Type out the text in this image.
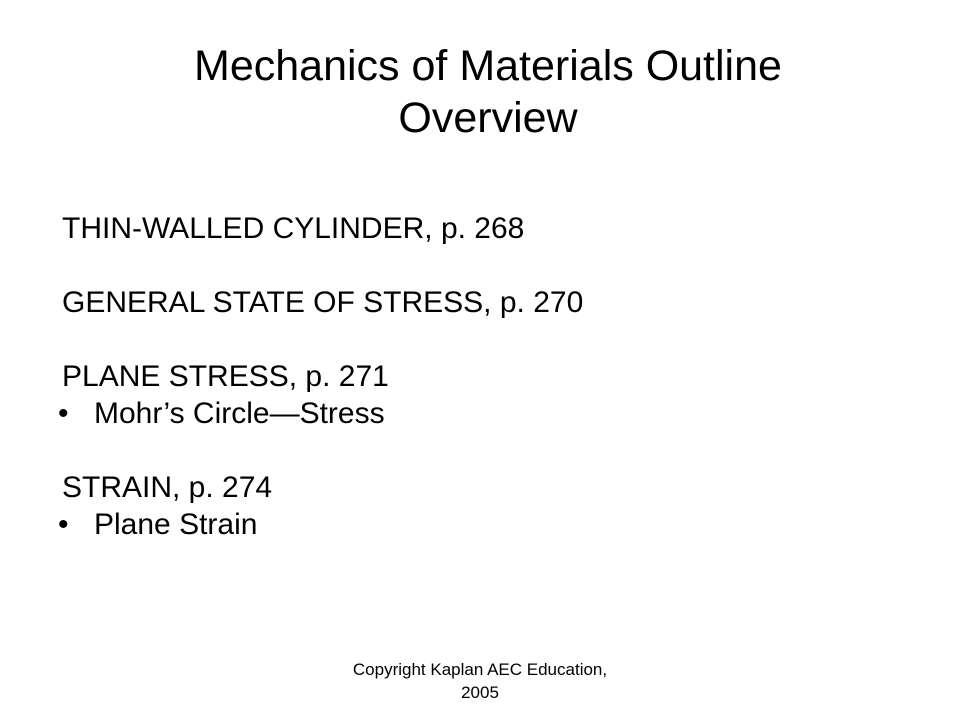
Mechanics of Materials Outline
Overview
THIN-WALLED CYLINDER, p. 268
GENERAL STATE OF STRESS, p. 270
PLANE STRESS, p. 271
• Mohr’s Circle—Stress
STRAIN, p. 274
• Plane Strain
Copyright Kaplan AEC Education,
2005
